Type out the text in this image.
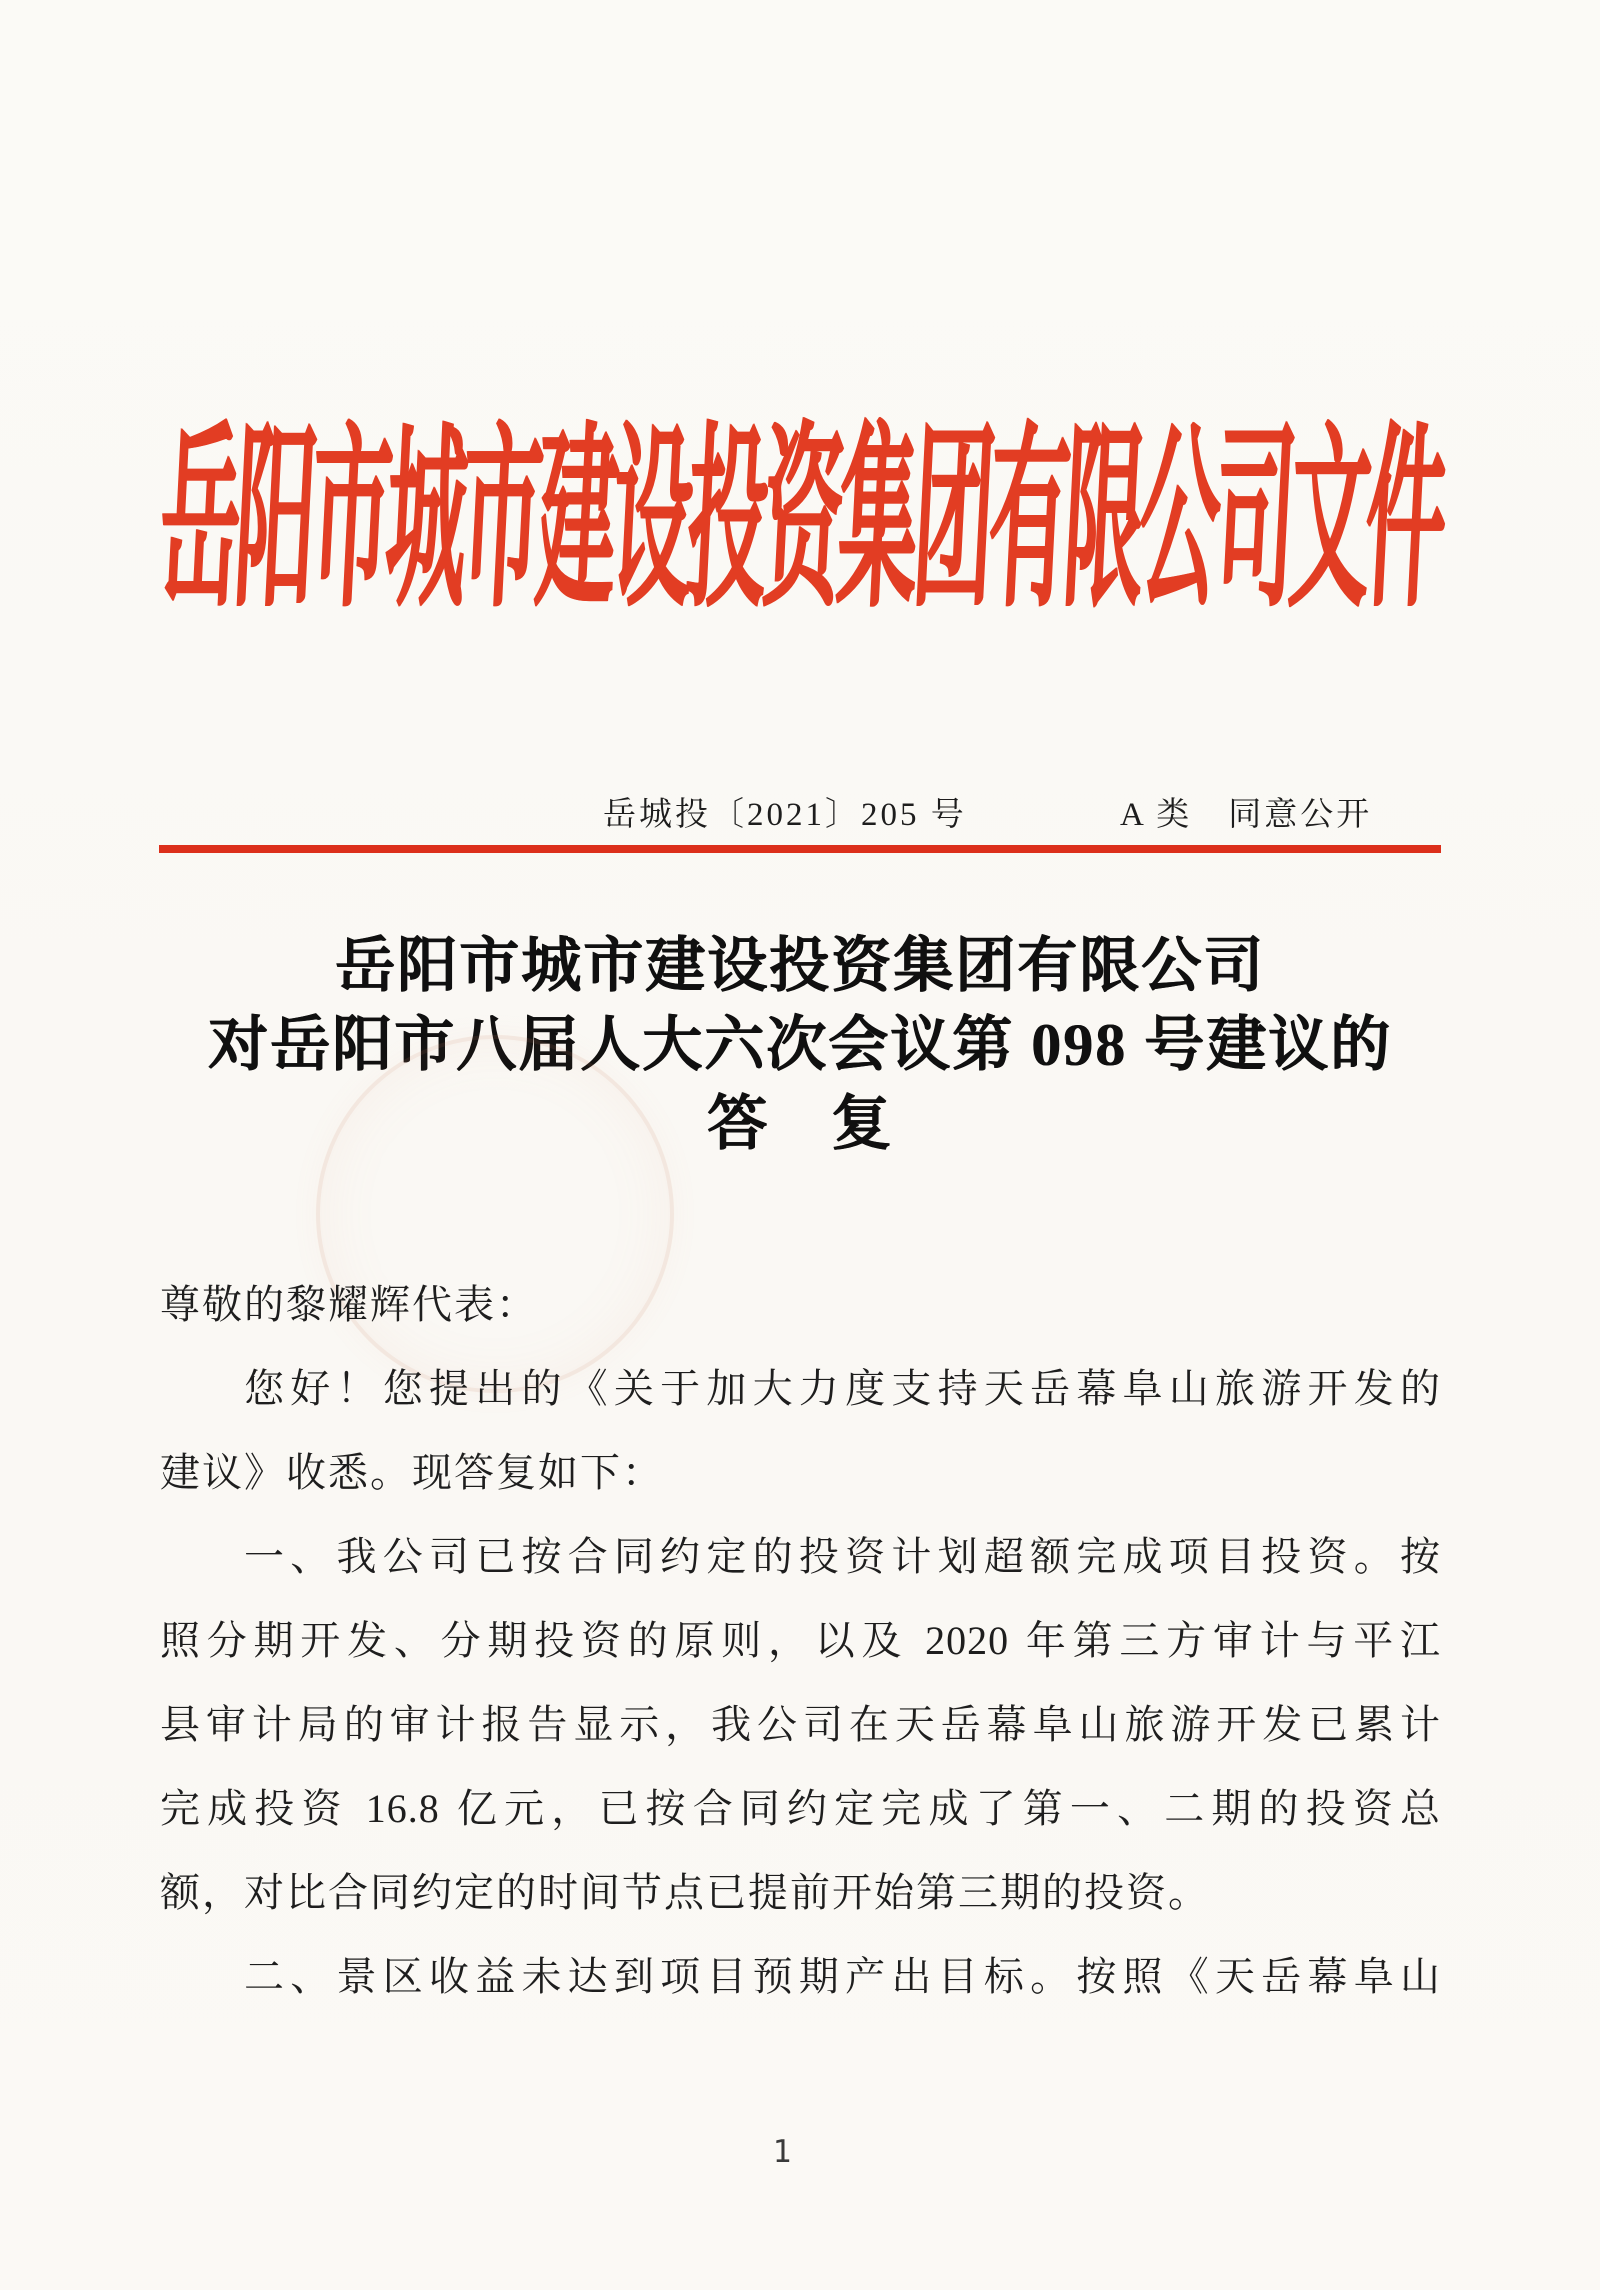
岳阳市城市建设投资集团有限公司文件
岳城投〔2021〕205 号	A 类　同意公开
岳阳市城市建设投资集团有限公司
对岳阳市八届人大六次会议第 098 号建议的
答　复
尊敬的黎耀辉代表：
您好！您提出的《关于加大力度支持天岳幕阜山旅游开发的
建议》收悉。现答复如下：
一、我公司已按合同约定的投资计划超额完成项目投资。按
照分期开发、分期投资的原则，以及 2020 年第三方审计与平江
县审计局的审计报告显示，我公司在天岳幕阜山旅游开发已累计
完成投资 16.8 亿元，已按合同约定完成了第一、二期的投资总
额，对比合同约定的时间节点已提前开始第三期的投资。
二、景区收益未达到项目预期产出目标。按照《天岳幕阜山
1
